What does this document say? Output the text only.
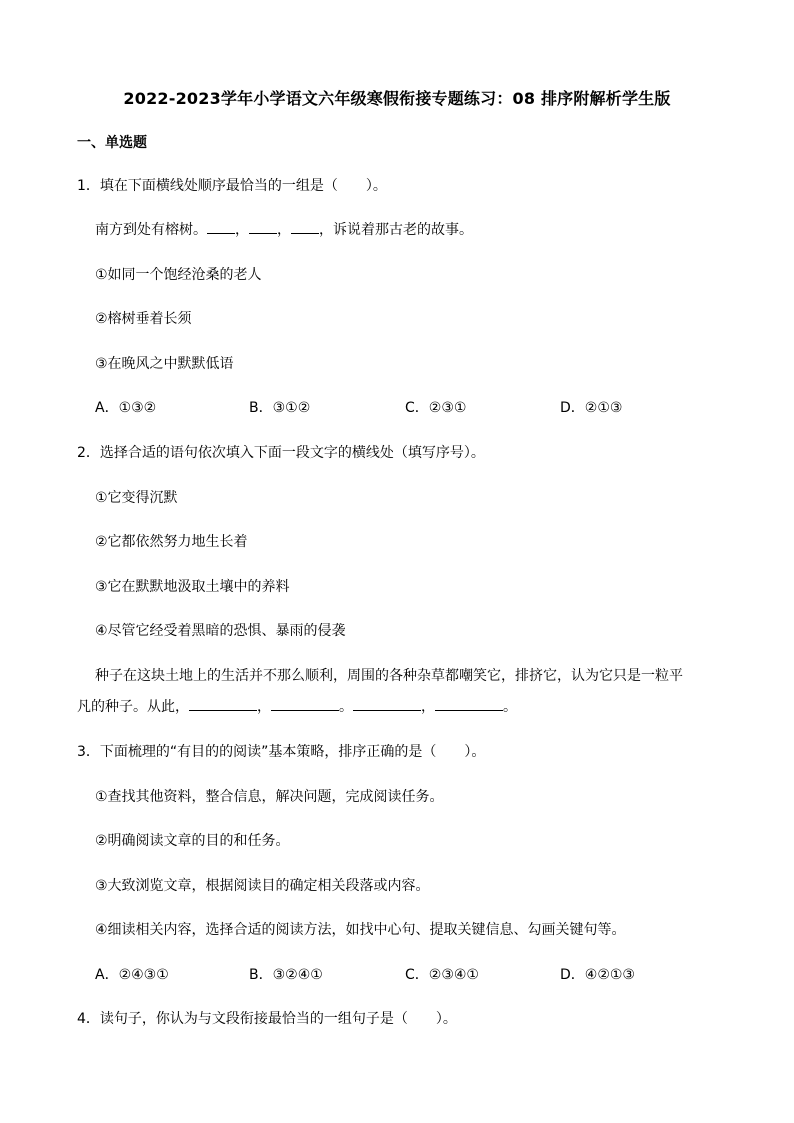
2022-2023学年小学语文六年级寒假衔接专题练习：08 排序附解析学生版
一、单选题
1．填在下面横线处顺序最恰当的一组是（　　）。
南方到处有榕树。 ， ， ，诉说着那古老的故事。
①如同一个饱经沧桑的老人
②榕树垂着长须
③在晚风之中默默低语
A．①③②	B．③①②	C．②③①	D．②①③
2．选择合适的语句依次填入下面一段文字的横线处（填写序号）。
①它变得沉默
②它都依然努力地生长着
③它在默默地汲取土壤中的养料
④尽管它经受着黑暗的恐惧、暴雨的侵袭
种子在这块土地上的生活并不那么顺利，周围的各种杂草都嘲笑它，排挤它，认为它只是一粒平
凡的种子。从此，	，	。	，	。
3．下面梳理的“有目的的阅读”基本策略，排序正确的是（　　）。
①查找其他资料，整合信息，解决问题，完成阅读任务。
②明确阅读文章的目的和任务。
③大致浏览文章，根据阅读目的确定相关段落或内容。
④细读相关内容，选择合适的阅读方法，如找中心句、提取关键信息、勾画关键句等。
A．②④③①	B．③②④①	C．②③④①	D．④②①③
4．读句子，你认为与文段衔接最恰当的一组句子是（　　）。
